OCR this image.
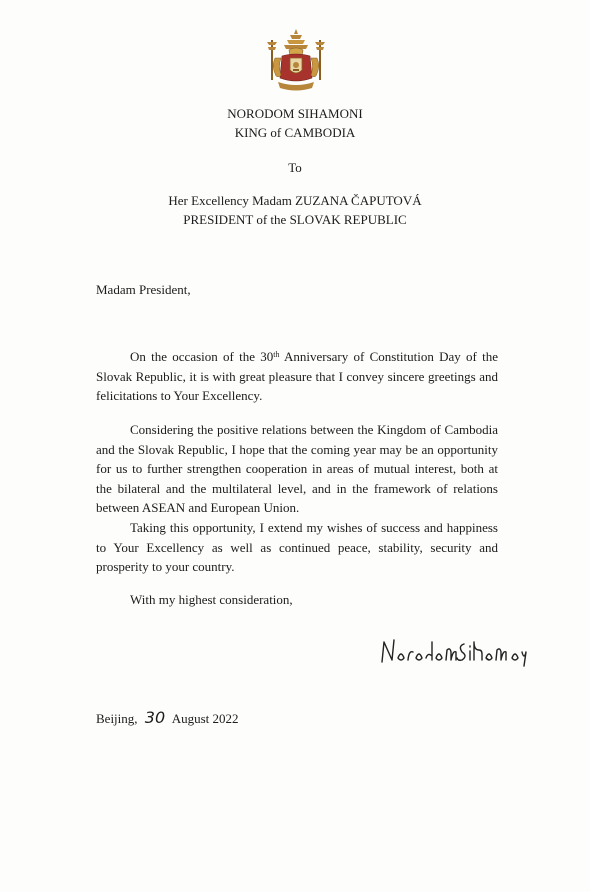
NORODOM SIHAMONI
KING of CAMBODIA
To
Her Excellency Madam ZUZANA ČAPUTOVÁ
PRESIDENT of the SLOVAK REPUBLIC
Madam President,

On the occasion of the 30th Anniversary of Constitution Day of the Slovak Republic, it is with great pleasure that I convey sincere greetings and felicitations to Your Excellency.

Considering the positive relations between the Kingdom of Cambodia and the Slovak Republic, I hope that the coming year may be an opportunity for us to further strengthen cooperation in areas of mutual interest, both at the bilateral and the multilateral level, and in the framework of relations between ASEAN and European Union.

Taking this opportunity, I extend my wishes of success and happiness to Your Excellency as well as continued peace, stability, security and prosperity to your country.

With my highest consideration,
Beijing, 30 August 2022
